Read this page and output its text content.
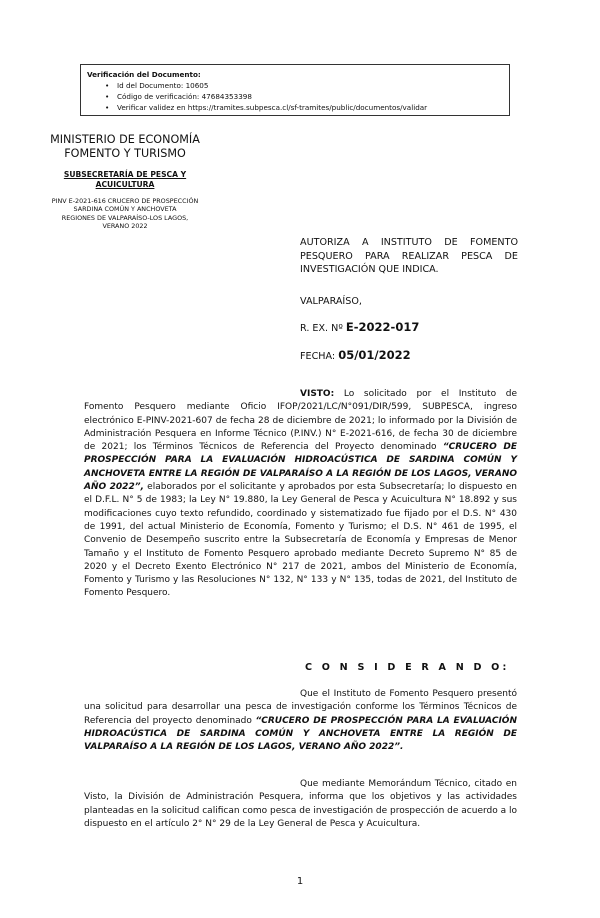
Verificación del Documento:
• Id del Documento: 10605
• Código de verificación: 47684353398
• Verificar validez en https://tramites.subpesca.cl/sf-tramites/public/documentos/validar
MINISTERIO DE ECONOMÍA
FOMENTO Y TURISMO
SUBSECRETARÍA DE PESCA Y
ACUICULTURA
PINV E-2021-616 CRUCERO DE PROSPECCIÓN
SARDINA COMÚN Y ANCHOVETA
REGIONES DE VALPARAÍSO-LOS LAGOS,
VERANO 2022
AUTORIZA A INSTITUTO DE FOMENTO PESQUERO PARA REALIZAR PESCA DE INVESTIGACIÓN QUE INDICA.
VALPARAÍSO,
R. EX. Nº E-2022-017
FECHA: 05/01/2022
VISTO: Lo solicitado por el Instituto de Fomento Pesquero mediante Oficio IFOP/2021/LC/N°091/DIR/599, SUBPESCA, ingreso electrónico E-PINV-2021-607 de fecha 28 de diciembre de 2021; lo informado por la División de Administración Pesquera en Informe Técnico (P.INV.) N° E-2021-616, de fecha 30 de diciembre de 2021; los Términos Técnicos de Referencia del Proyecto denominado “CRUCERO DE PROSPECCIÓN PARA LA EVALUACIÓN HIDROACÚSTICA DE SARDINA COMÚN Y ANCHOVETA ENTRE LA REGIÓN DE VALPARAÍSO A LA REGIÓN DE LOS LAGOS, VERANO AÑO 2022”, elaborados por el solicitante y aprobados por esta Subsecretaría; lo dispuesto en el D.F.L. N° 5 de 1983; la Ley N° 19.880, la Ley General de Pesca y Acuicultura N° 18.892 y sus modificaciones cuyo texto refundido, coordinado y sistematizado fue fijado por el D.S. N° 430 de 1991, del actual Ministerio de Economía, Fomento y Turismo; el D.S. N° 461 de 1995, el Convenio de Desempeño suscrito entre la Subsecretaría de Economía y Empresas de Menor Tamaño y el Instituto de Fomento Pesquero aprobado mediante Decreto Supremo N° 85 de 2020 y el Decreto Exento Electrónico N° 217 de 2021, ambos del Ministerio de Economía, Fomento y Turismo y las Resoluciones N° 132, N° 133 y N° 135, todas de 2021, del Instituto de Fomento Pesquero.
C O N S I D E R A N D O:
Que el Instituto de Fomento Pesquero presentó una solicitud para desarrollar una pesca de investigación conforme los Términos Técnicos de Referencia del proyecto denominado “CRUCERO DE PROSPECCIÓN PARA LA EVALUACIÓN HIDROACÚSTICA DE SARDINA COMÚN Y ANCHOVETA ENTRE LA REGIÓN DE VALPARAÍSO A LA REGIÓN DE LOS LAGOS, VERANO AÑO 2022”.
Que mediante Memorándum Técnico, citado en Visto, la División de Administración Pesquera, informa que los objetivos y las actividades planteadas en la solicitud califican como pesca de investigación de prospección de acuerdo a lo dispuesto en el artículo 2° N° 29 de la Ley General de Pesca y Acuicultura.
1
